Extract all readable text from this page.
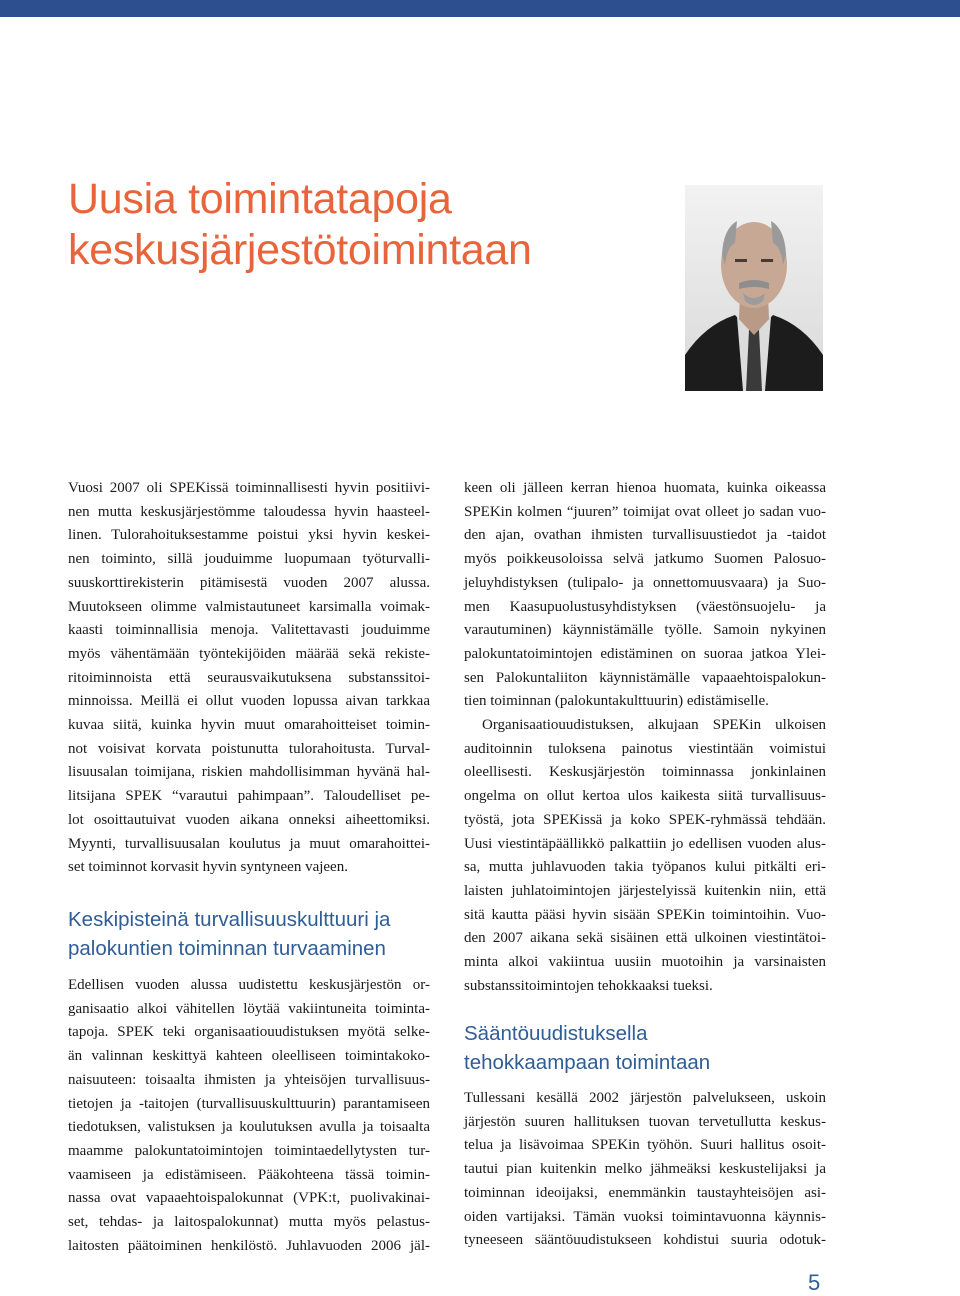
Uusia toimintatapoja
keskusjärjestötoimintaan

Vuosi 2007 oli SPEKissä toiminnallisesti hyvin positiivi-
nen mutta keskusjärjestömme taloudessa hyvin haasteel-
linen. Tulorahoituksestamme poistui yksi hyvin keskei-
nen toiminto, sillä jouduimme luopumaan työturvalli-
suuskorttirekisterin pitämisestä vuoden 2007 alussa.
Muutokseen olimme valmistautuneet karsimalla voimak-
kaasti toiminnallisia menoja. Valitettavasti jouduimme
myös vähentämään työntekijöiden määrää sekä rekiste-
ritoiminnoista että seurausvaikutuksena substanssitoi-
minnoissa. Meillä ei ollut vuoden lopussa aivan tarkkaa
kuvaa siitä, kuinka hyvin muut omarahoitteiset toimin-
not voisivat korvata poistunutta tulorahoitusta. Turval-
lisuusalan toimijana, riskien mahdollisimman hyvänä hal-
litsijana SPEK “varautui pahimpaan”. Taloudelliset pe-
lot osoittautuivat vuoden aikana onneksi aiheettomiksi.
Myynti, turvallisuusalan koulutus ja muut omarahoittei-
set toiminnot korvasit hyvin syntyneen vajeen.

Keskipisteinä turvallisuuskulttuuri ja
palokuntien toiminnan turvaaminen

Edellisen vuoden alussa uudistettu keskusjärjestön or-
ganisaatio alkoi vähitellen löytää vakiintuneita toiminta-
tapoja. SPEK teki organisaatiouudistuksen myötä selke-
än valinnan keskittyä kahteen oleelliseen toimintakoko-
naisuuteen: toisaalta ihmisten ja yhteisöjen turvallisuus-
tietojen ja -taitojen (turvallisuuskulttuurin) parantamiseen
tiedotuksen, valistuksen ja koulutuksen avulla ja toisaalta
maamme palokuntatoimintojen toimintaedellytysten tur-
vaamiseen ja edistämiseen. Pääkohteena tässä toimin-
nassa ovat vapaaehtoispalokunnat (VPK:t, puolivakinai-
set, tehdas- ja laitospalokunnat) mutta myös pelastus-
laitosten päätoiminen henkilöstö. Juhlavuoden 2006 jäl-

keen oli jälleen kerran hienoa huomata, kuinka oikeassa
SPEKin kolmen “juuren” toimijat ovat olleet jo sadan vuo-
den ajan, ovathan ihmisten turvallisuustiedot ja -taidot
myös poikkeusoloissa selvä jatkumo Suomen Palosuo-
jeluyhdistyksen (tulipalo- ja onnettomuusvaara) ja Suo-
men Kaasupuolustusyhdistyksen (väestönsuojelu- ja
varautuminen) käynnistämälle työlle. Samoin nykyinen
palokuntatoimintojen edistäminen on suoraa jatkoa Ylei-
sen Palokuntaliiton käynnistämälle vapaaehtoispalokun-
tien toiminnan (palokuntakulttuurin) edistämiselle.

Organisaatiouudistuksen, alkujaan SPEKin ulkoisen
auditoinnin tuloksena painotus viestintään voimistui
oleellisesti. Keskusjärjestön toiminnassa jonkinlainen
ongelma on ollut kertoa ulos kaikesta siitä turvallisuus-
työstä, jota SPEKissä ja koko SPEK-ryhmässä tehdään.
Uusi viestintäpäällikkö palkattiin jo edellisen vuoden alus-
sa, mutta juhlavuoden takia työpanos kului pitkälti eri-
laisten juhlatoimintojen järjestelyissä kuitenkin niin, että
sitä kautta pääsi hyvin sisään SPEKin toimintoihin. Vuo-
den 2007 aikana sekä sisäinen että ulkoinen viestintätoi-
minta alkoi vakiintua uusiin muotoihin ja varsinaisten
substanssitoimintojen tehokkaaksi tueksi.

Sääntöuudistuksella
tehokkaampaan toimintaan

Tullessani kesällä 2002 järjestön palvelukseen, uskoin
järjestön suuren hallituksen tuovan tervetullutta keskus-
telua ja lisävoimaa SPEKin työhön. Suuri hallitus osoit-
tautui pian kuitenkin melko jähmeäksi keskustelijaksi ja
toiminnan ideoijaksi, enemmänkin taustayhteisöjen asi-
oiden vartijaksi. Tämän vuoksi toimintavuonna käynnis-
tyneeseen sääntöuudistukseen kohdistui suuria odotuk-

5
